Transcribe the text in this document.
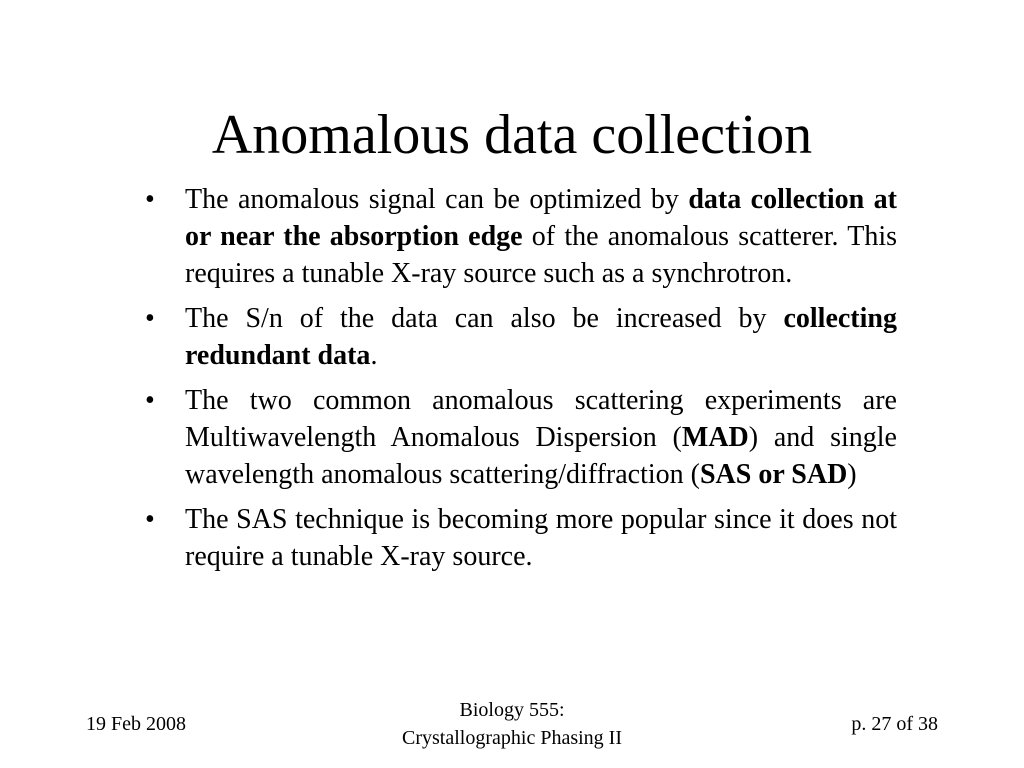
Anomalous data collection
•	The anomalous signal can be optimized by data collection at or near the absorption edge of the anomalous scatterer. This requires a tunable X-ray source such as a synchrotron.
•	The S/n of the data can also be increased by collecting redundant data.
•	The two common anomalous scattering experiments are Multiwavelength Anomalous Dispersion (MAD) and single wavelength anomalous scattering/diffraction (SAS or SAD)
•	The SAS technique is becoming more popular since it does not require a tunable X-ray source.
19 Feb 2008
Biology 555:
Crystallographic Phasing II
p. 27 of 38
